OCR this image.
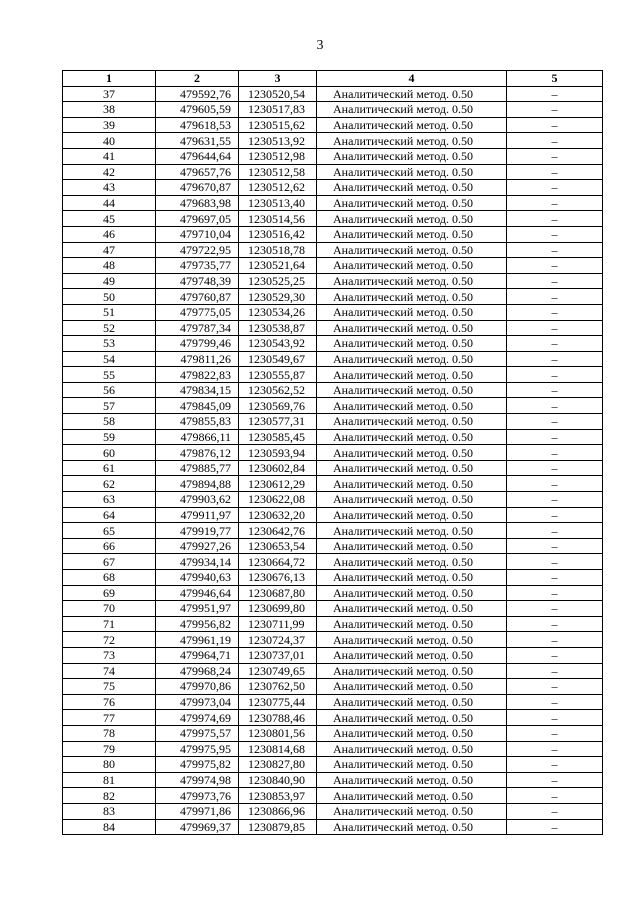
3
1	2	3	4	5
37	479592,76	1230520,54	Аналитический метод. 0.50	–
38	479605,59	1230517,83	Аналитический метод. 0.50	–
39	479618,53	1230515,62	Аналитический метод. 0.50	–
40	479631,55	1230513,92	Аналитический метод. 0.50	–
41	479644,64	1230512,98	Аналитический метод. 0.50	–
42	479657,76	1230512,58	Аналитический метод. 0.50	–
43	479670,87	1230512,62	Аналитический метод. 0.50	–
44	479683,98	1230513,40	Аналитический метод. 0.50	–
45	479697,05	1230514,56	Аналитический метод. 0.50	–
46	479710,04	1230516,42	Аналитический метод. 0.50	–
47	479722,95	1230518,78	Аналитический метод. 0.50	–
48	479735,77	1230521,64	Аналитический метод. 0.50	–
49	479748,39	1230525,25	Аналитический метод. 0.50	–
50	479760,87	1230529,30	Аналитический метод. 0.50	–
51	479775,05	1230534,26	Аналитический метод. 0.50	–
52	479787,34	1230538,87	Аналитический метод. 0.50	–
53	479799,46	1230543,92	Аналитический метод. 0.50	–
54	479811,26	1230549,67	Аналитический метод. 0.50	–
55	479822,83	1230555,87	Аналитический метод. 0.50	–
56	479834,15	1230562,52	Аналитический метод. 0.50	–
57	479845,09	1230569,76	Аналитический метод. 0.50	–
58	479855,83	1230577,31	Аналитический метод. 0.50	–
59	479866,11	1230585,45	Аналитический метод. 0.50	–
60	479876,12	1230593,94	Аналитический метод. 0.50	–
61	479885,77	1230602,84	Аналитический метод. 0.50	–
62	479894,88	1230612,29	Аналитический метод. 0.50	–
63	479903,62	1230622,08	Аналитический метод. 0.50	–
64	479911,97	1230632,20	Аналитический метод. 0.50	–
65	479919,77	1230642,76	Аналитический метод. 0.50	–
66	479927,26	1230653,54	Аналитический метод. 0.50	–
67	479934,14	1230664,72	Аналитический метод. 0.50	–
68	479940,63	1230676,13	Аналитический метод. 0.50	–
69	479946,64	1230687,80	Аналитический метод. 0.50	–
70	479951,97	1230699,80	Аналитический метод. 0.50	–
71	479956,82	1230711,99	Аналитический метод. 0.50	–
72	479961,19	1230724,37	Аналитический метод. 0.50	–
73	479964,71	1230737,01	Аналитический метод. 0.50	–
74	479968,24	1230749,65	Аналитический метод. 0.50	–
75	479970,86	1230762,50	Аналитический метод. 0.50	–
76	479973,04	1230775,44	Аналитический метод. 0.50	–
77	479974,69	1230788,46	Аналитический метод. 0.50	–
78	479975,57	1230801,56	Аналитический метод. 0.50	–
79	479975,95	1230814,68	Аналитический метод. 0.50	–
80	479975,82	1230827,80	Аналитический метод. 0.50	–
81	479974,98	1230840,90	Аналитический метод. 0.50	–
82	479973,76	1230853,97	Аналитический метод. 0.50	–
83	479971,86	1230866,96	Аналитический метод. 0.50	–
84	479969,37	1230879,85	Аналитический метод. 0.50	–
